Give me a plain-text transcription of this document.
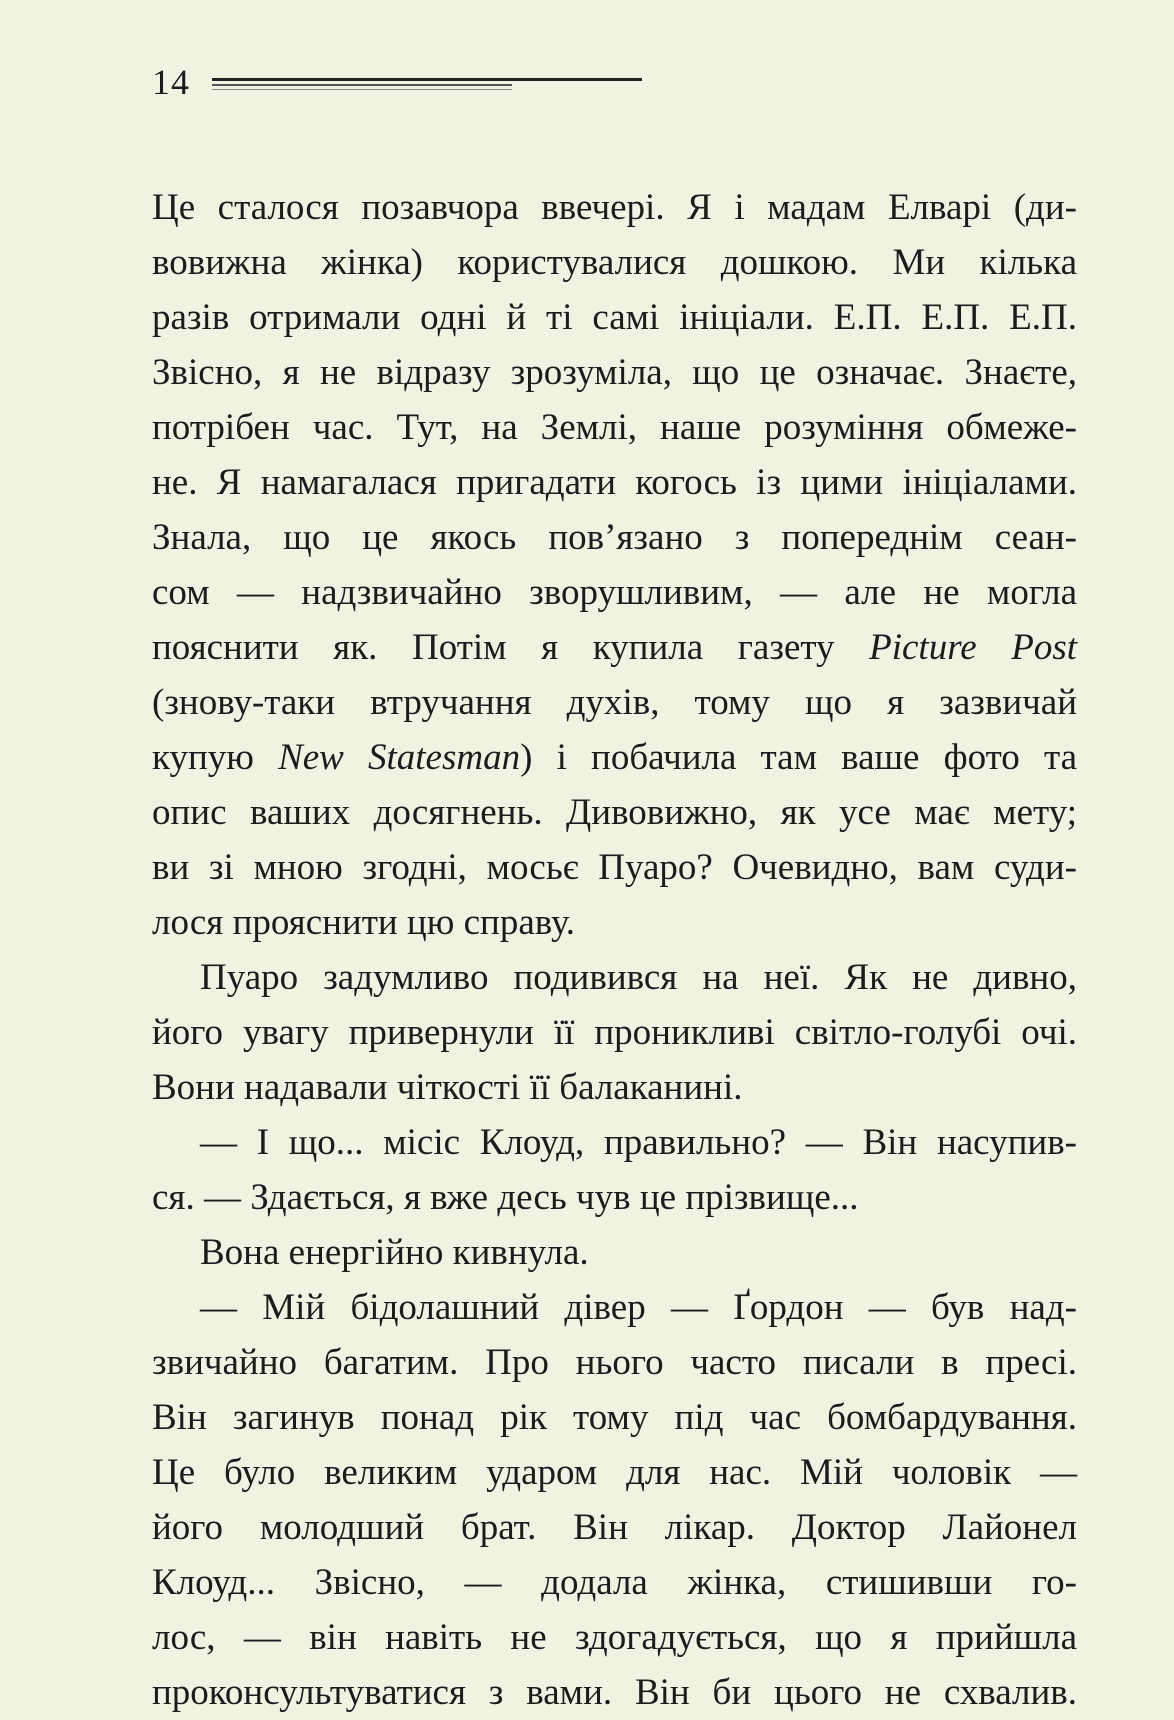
14
Це сталося позавчора ввечері. Я і мадам Елварі (ди-
вовижна жінка) користувалися дошкою. Ми кілька
разів отримали одні й ті самі ініціали. Е.П. Е.П. Е.П.
Звісно, я не відразу зрозуміла, що це означає. Знаєте,
потрібен час. Тут, на Землі, наше розуміння обмеже-
не. Я намагалася пригадати когось із цими ініціалами.
Знала, що це якось пов’язано з попереднім сеан-
сом — надзвичайно зворушливим, — але не могла
пояснити як. Потім я купила газету Picture Post
(знову-таки втручання духів, тому що я зазвичай
купую New Statesman) і побачила там ваше фото та
опис ваших досягнень. Дивовижно, як усе має мету;
ви зі мною згодні, мосьє Пуаро? Очевидно, вам суди-
лося прояснити цю справу.
Пуаро задумливо подивився на неї. Як не дивно,
його увагу привернули її проникливі світло-голубі очі.
Вони надавали чіткості її балаканині.
— І що... місіс Клоуд, правильно? — Він насупив-
ся. — Здається, я вже десь чув це прізвище...
Вона енергійно кивнула.
— Мій бідолашний дівер — Ґордон — був над-
звичайно багатим. Про нього часто писали в пресі.
Він загинув понад рік тому під час бомбардування.
Це було великим ударом для нас. Мій чоловік —
його молодший брат. Він лікар. Доктор Лайонел
Клоуд... Звісно, — додала жінка, стишивши го-
лос, — він навіть не здогадується, що я прийшла
проконсультуватися з вами. Він би цього не схвалив.
